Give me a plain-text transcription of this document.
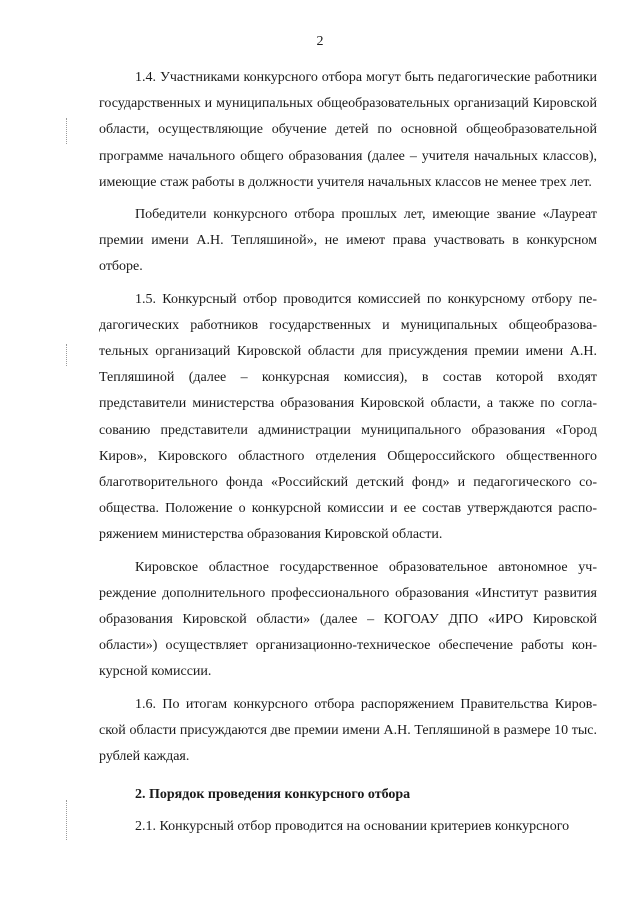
2

1.4. Участниками конкурсного отбора могут быть педагогические работники государственных и муниципальных общеобразовательных организаций Кировской области, осуществляющие обучение детей по основной общеобразовательной программе начального общего образования (далее – учителя начальных классов), имеющие стаж работы в должности учителя начальных классов не менее трех лет.

Победители конкурсного отбора прошлых лет, имеющие звание «Лауреат премии имени А.Н. Тепляшиной», не имеют права участвовать в конкурсном отборе.

1.5. Конкурсный отбор проводится комиссией по конкурсному отбору педагогических работников государственных и муниципальных общеобразовательных организаций Кировской области для присуждения премии имени А.Н. Тепляшиной (далее – конкурсная комиссия), в состав которой входят представители министерства образования Кировской области, а также по согласованию представители администрации муниципального образования «Город Киров», Кировского областного отделения Общероссийского общественного благотворительного фонда «Российский детский фонд» и педагогического сообщества. Положение о конкурсной комиссии и ее состав утверждаются распоряжением министерства образования Кировской области.

Кировское областное государственное образовательное автономное учреждение дополнительного профессионального образования «Институт развития образования Кировской области» (далее – КОГОАУ ДПО «ИРО Кировской области») осуществляет организационно-техническое обеспечение работы конкурсной комиссии.

1.6. По итогам конкурсного отбора распоряжением Правительства Кировской области присуждаются две премии имени А.Н. Тепляшиной в размере 10 тыс. рублей каждая.

2. Порядок проведения конкурсного отбора

2.1. Конкурсный отбор проводится на основании критериев конкурсного
